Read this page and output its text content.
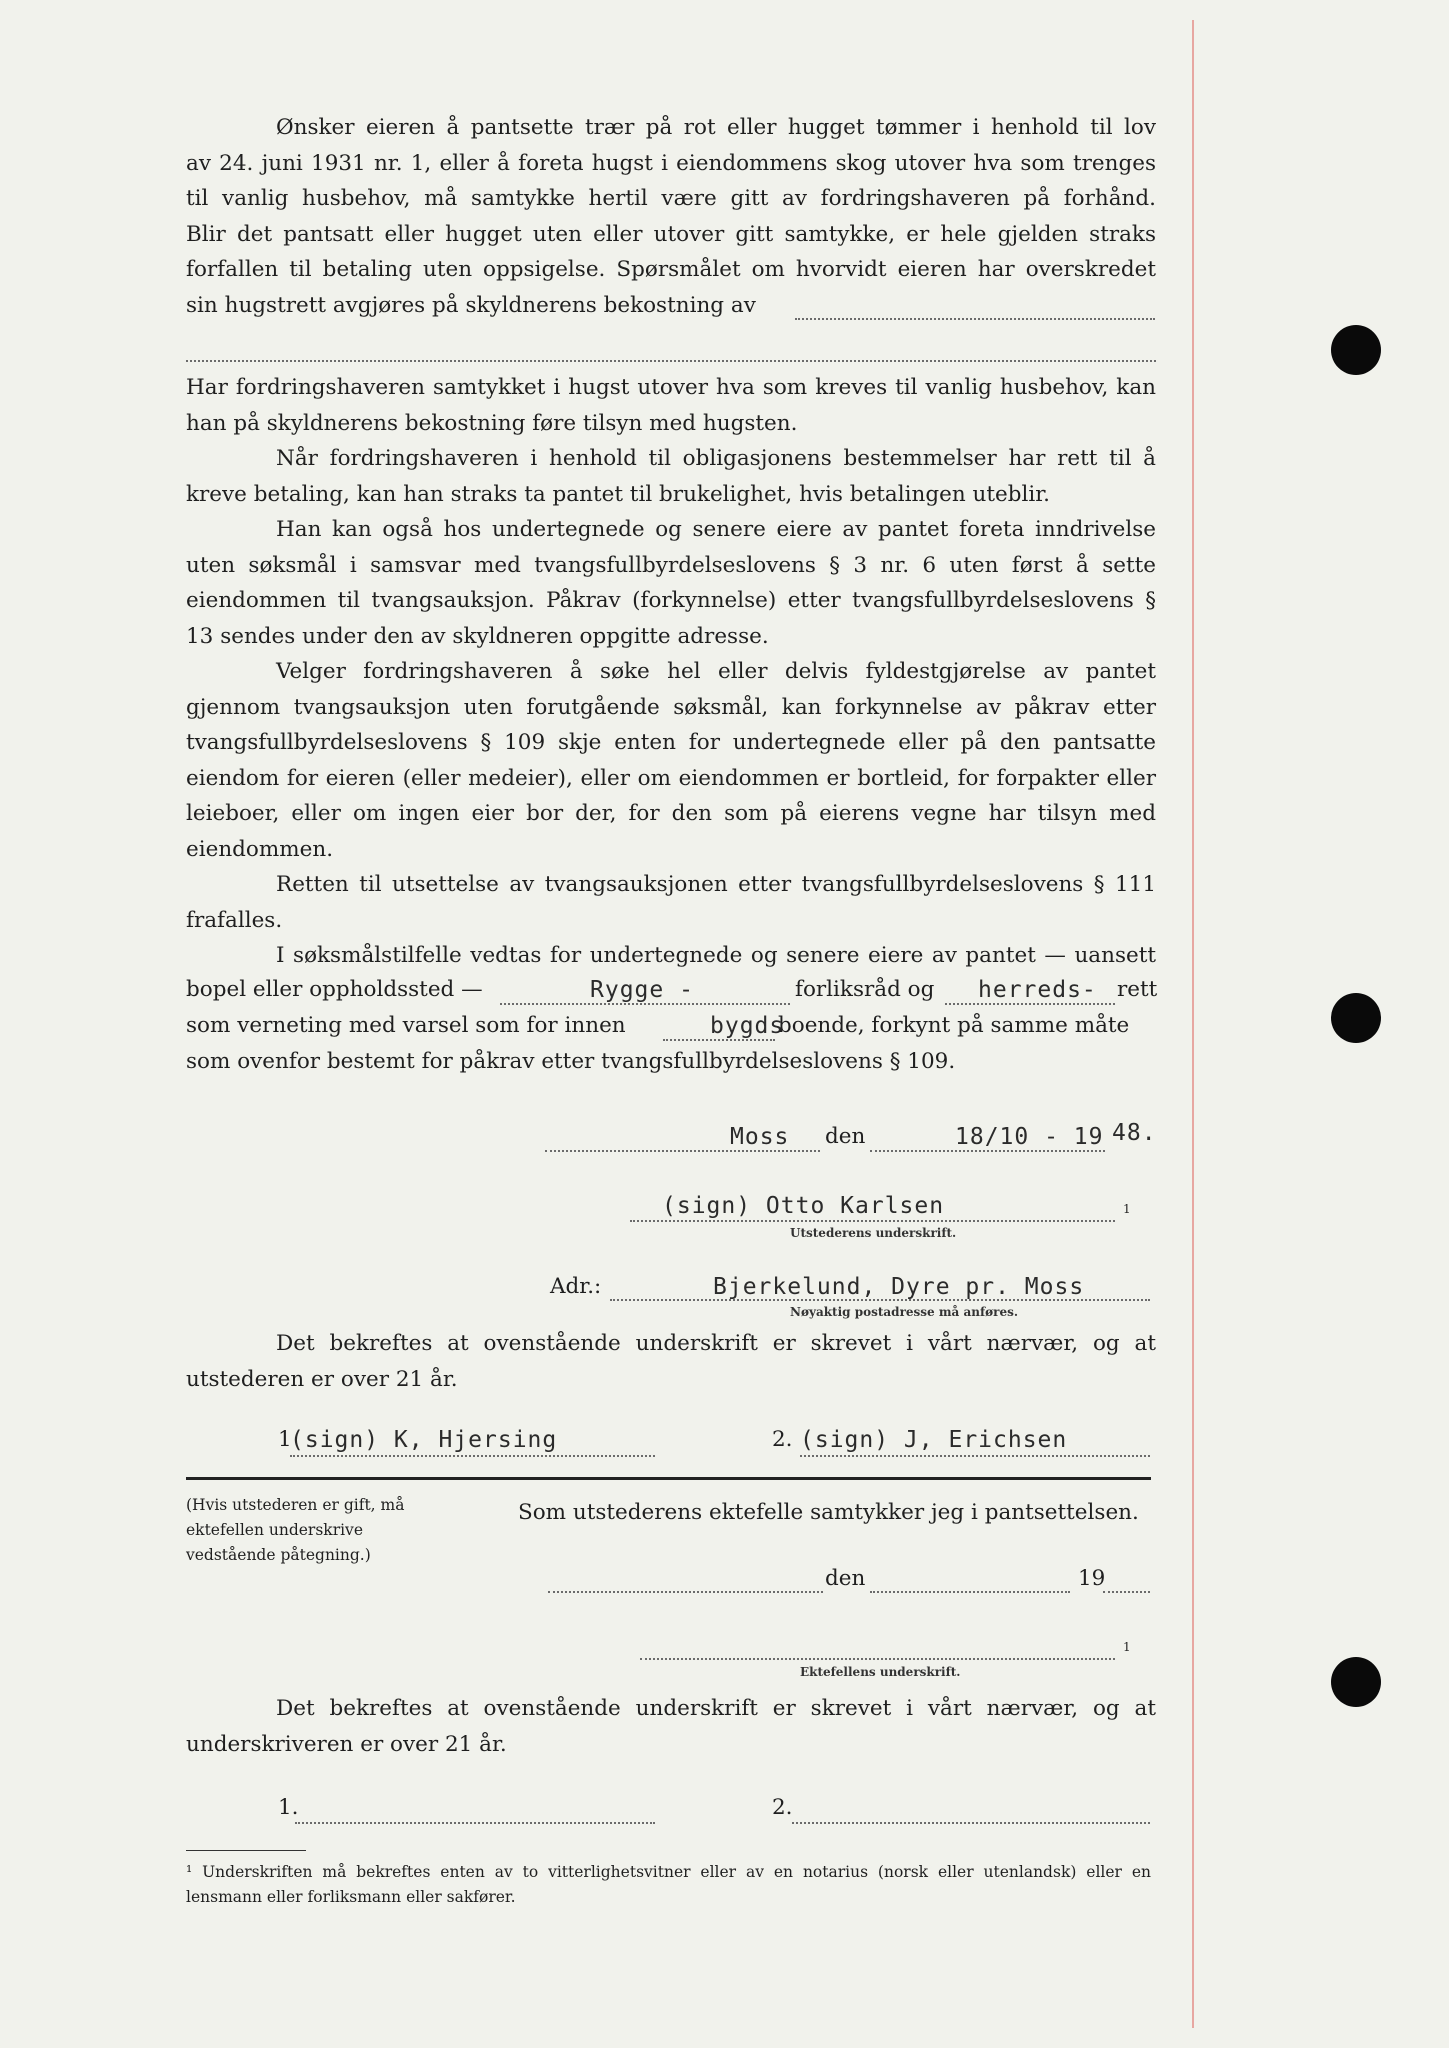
Ønsker eieren å pantsette trær på rot eller hugget tømmer i henhold til lov

av 24. juni 1931 nr. 1, eller å foreta hugst i eiendommens skog utover hva som trenges

til vanlig husbehov, må samtykke hertil være gitt av fordringshaveren på forhånd.

Blir det pantsatt eller hugget uten eller utover gitt samtykke, er hele gjelden straks

forfallen til betaling uten oppsigelse. Spørsmålet om hvorvidt eieren har overskredet

sin hugstrett avgjøres på skyldnerens bekostning av

Har fordringshaveren samtykket i hugst utover hva som kreves til vanlig husbehov, kan han på skyldnerens bekostning føre tilsyn med hugsten.

Når fordringshaveren i henhold til obligasjonens bestemmelser har rett til å kreve betaling, kan han straks ta pantet til brukelighet, hvis betalingen uteblir.

Han kan også hos undertegnede og senere eiere av pantet foreta inndrivelse uten søksmål i samsvar med tvangsfullbyrdelseslovens § 3 nr. 6 uten først å sette eiendommen til tvangsauksjon. Påkrav (forkynnelse) etter tvangsfullbyrdelseslovens § 13 sendes under den av skyldneren oppgitte adresse.

Velger fordringshaveren å søke hel eller delvis fyldestgjørelse av pantet gjennom tvangsauksjon uten forutgående søksmål, kan forkynnelse av påkrav etter tvangsfullbyrdelseslovens § 109 skje enten for undertegnede eller på den pantsatte eiendom for eieren (eller medeier), eller om eiendommen er bortleid, for forpakter eller leieboer, eller om ingen eier bor der, for den som på eierens vegne har tilsyn med eiendommen.

Retten til utsettelse av tvangsauksjonen etter tvangsfullbyrdelseslovens § 111 frafalles.

I søksmålstilfelle vedtas for undertegnede og senere eiere av pantet — uansett

bopel eller oppholdssted —	Rygge -	forliksråd og herreds- rett
som verneting med varsel som for innen	bygds
boende, forkynt på samme måte
som ovenfor bestemt for påkrav etter tvangsfullbyrdelseslovens § 109.
Moss den	18/10 - 19 48.
(sign) Otto Karlsen	1
Utstederens underskrift.
Adr.:	Bjerkelund, Dyre pr. Moss
Nøyaktig postadresse må anføres.

Det bekreftes at ovenstående underskrift er skrevet i vårt nærvær, og at utstederen er over 21 år.

1
(sign) K, Hjersing	2. (sign) J, Erichsen
(Hvis utstederen er gift, må ektefellen underskrive vedstående påtegning.)
Som utstederens ektefelle samtykker jeg i pantsettelsen.
den	19
1
Ektefellens underskrift.

Det bekreftes at ovenstående underskrift er skrevet i vårt nærvær, og at underskriveren er over 21 år.

1.	2.
¹ Underskriften må bekreftes enten av to vitterlighetsvitner eller av en notarius (norsk eller utenlandsk) eller en lensmann eller forliksmann eller sakfører.
